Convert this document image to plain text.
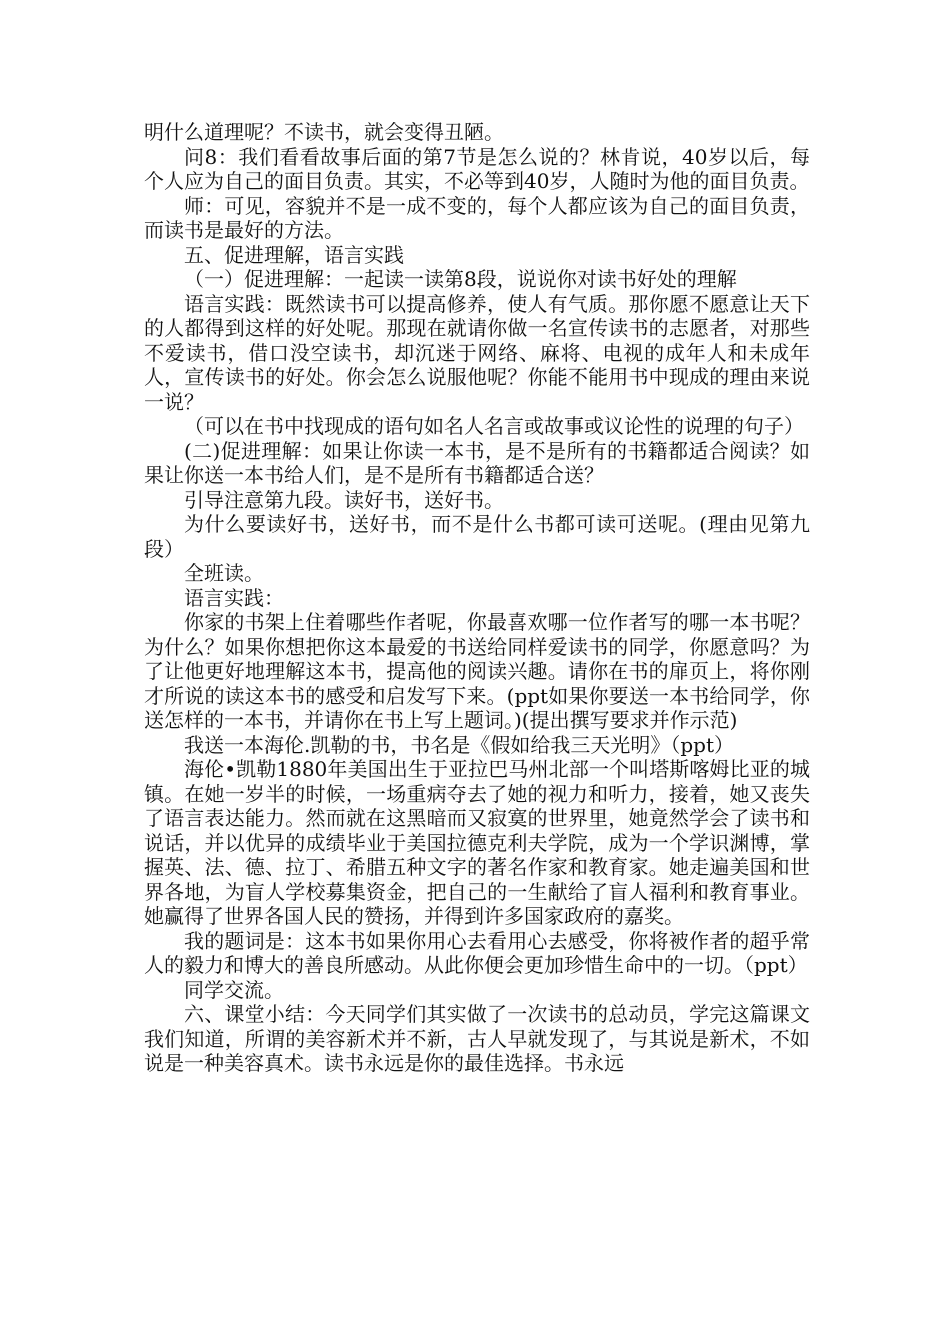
明什么道理呢？不读书，就会变得丑陋。

问8：我们看看故事后面的第7节是怎么说的？林肯说，40岁以后，每个人应为自己的面目负责。其实，不必等到40岁，人随时为他的面目负责。

师：可见，容貌并不是一成不变的，每个人都应该为自己的面目负责，而读书是最好的方法。

五、促进理解，语言实践

（一）促进理解：一起读一读第8段，说说你对读书好处的理解

语言实践：既然读书可以提高修养，使人有气质。那你愿不愿意让天下的人都得到这样的好处呢。那现在就请你做一名宣传读书的志愿者，对那些不爱读书，借口没空读书，却沉迷于网络、麻将、电视的成年人和未成年人，宣传读书的好处。你会怎么说服他呢？你能不能用书中现成的理由来说一说？

（可以在书中找现成的语句如名人名言或故事或议论性的说理的句子）

(二)促进理解：如果让你读一本书，是不是所有的书籍都适合阅读？如果让你送一本书给人们，是不是所有书籍都适合送？

引导注意第九段。读好书，送好书。

为什么要读好书，送好书，而不是什么书都可读可送呢。(理由见第九段）

全班读。

语言实践：

你家的书架上住着哪些作者呢，你最喜欢哪一位作者写的哪一本书呢？为什么？如果你想把你这本最爱的书送给同样爱读书的同学，你愿意吗？为了让他更好地理解这本书，提高他的阅读兴趣。请你在书的扉页上，将你刚才所说的读这本书的感受和启发写下来。(ppt如果你要送一本书给同学，你送怎样的一本书，并请你在书上写上题词。)(提出撰写要求并作示范)

我送一本海伦.凯勒的书，书名是《假如给我三天光明》（ppt）

海伦•凯勒1880年美国出生于亚拉巴马州北部一个叫塔斯喀姆比亚的城镇。在她一岁半的时候，一场重病夺去了她的视力和听力，接着，她又丧失了语言表达能力。然而就在这黑暗而又寂寞的世界里，她竟然学会了读书和说话，并以优异的成绩毕业于美国拉德克利夫学院，成为一个学识渊博，掌握英、法、德、拉丁、希腊五种文字的著名作家和教育家。她走遍美国和世界各地，为盲人学校募集资金，把自己的一生献给了盲人福利和教育事业。她赢得了世界各国人民的赞扬，并得到许多国家政府的嘉奖。

我的题词是：这本书如果你用心去看用心去感受，你将被作者的超乎常人的毅力和博大的善良所感动。从此你便会更加珍惜生命中的一切。（ppt）

同学交流。

六、课堂小结：今天同学们其实做了一次读书的总动员，学完这篇课文我们知道，所谓的美容新术并不新，古人早就发现了，与其说是新术，不如说是一种美容真术。读书永远是你的最佳选择。书永远
